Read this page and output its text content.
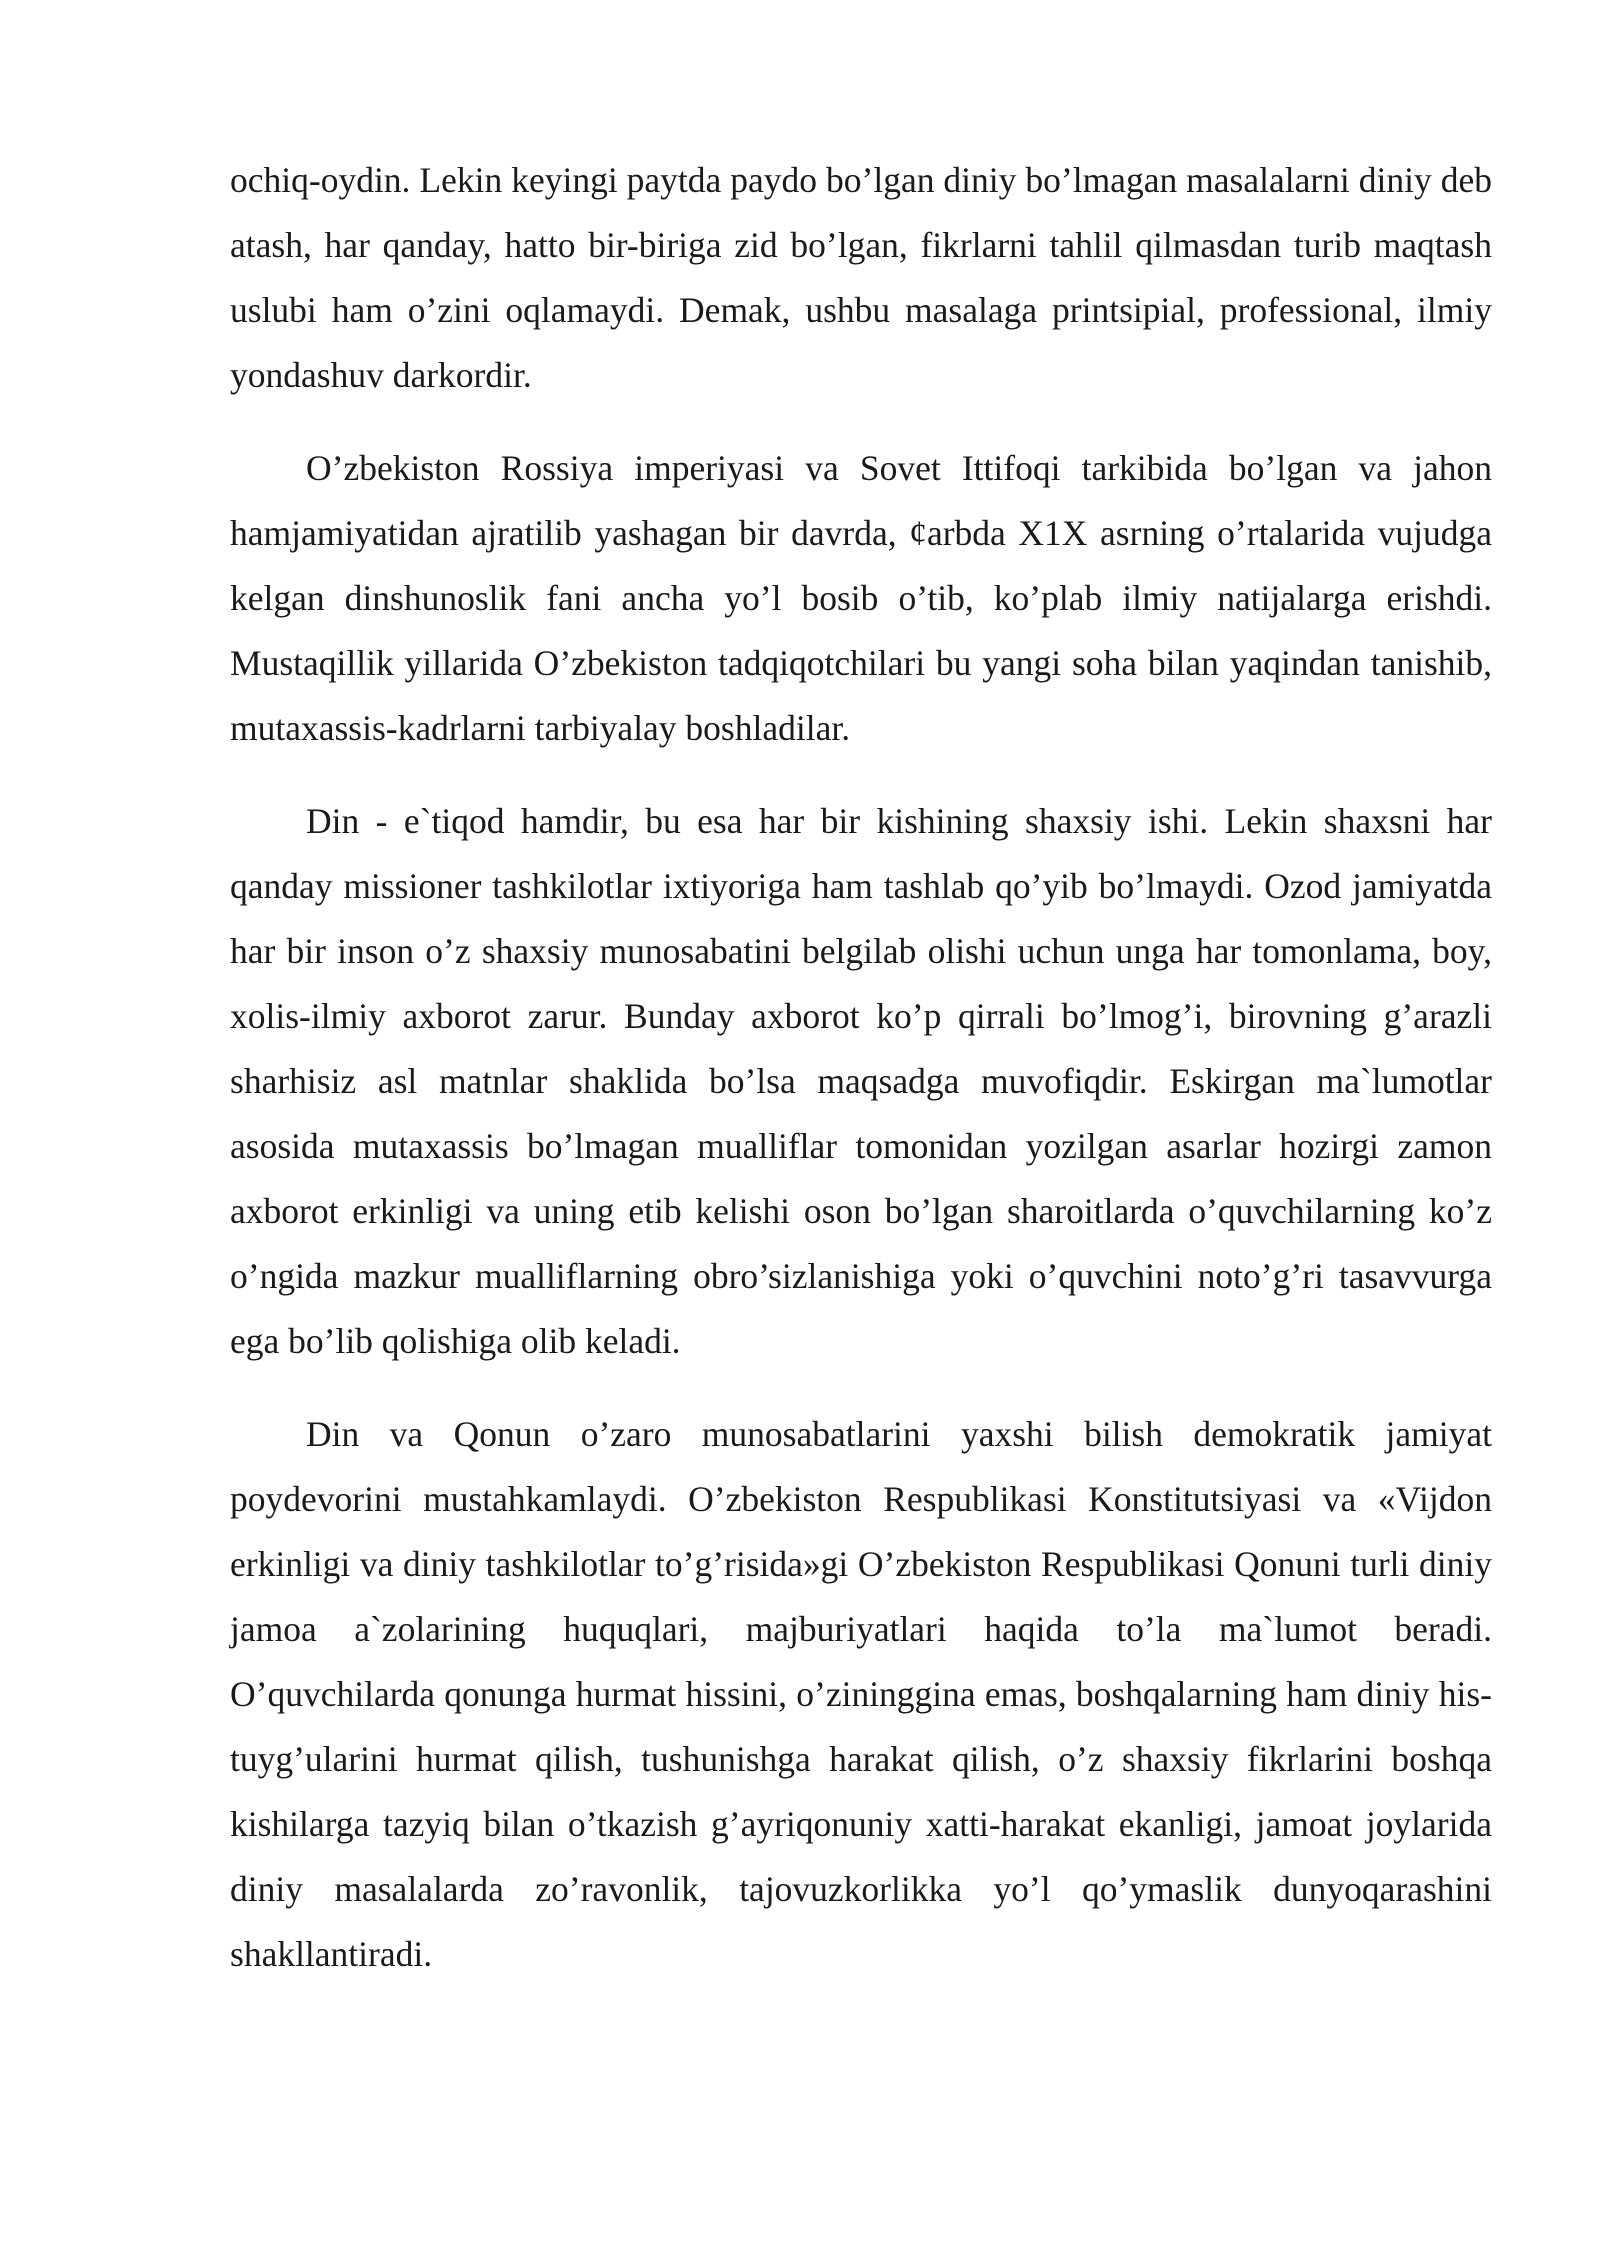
ochiq-oydin. Lekin keyingi paytda paydo bo’lgan diniy bo’lmagan masalalarni diniy deb atash, har qanday, hatto bir-biriga zid bo’lgan, fikrlarni tahlil qilmasdan turib maqtash uslubi ham o’zini oqlamaydi. Demak, ushbu masalaga printsipial, professional, ilmiy yondashuv darkordir.

O’zbekiston Rossiya imperiyasi va Sovet Ittifoqi tarkibida bo’lgan va jahon hamjamiyatidan ajratilib yashagan bir davrda, ¢arbda X1X asrning o’rtalarida vujudga kelgan dinshunoslik fani ancha yo’l bosib o’tib, ko’plab ilmiy natijalarga erishdi. Mustaqillik yillarida O’zbekiston tadqiqotchilari bu yangi soha bilan yaqindan tanishib, mutaxassis-kadrlarni tarbiyalay boshladilar.

Din - e`tiqod hamdir, bu esa har bir kishining shaxsiy ishi. Lekin shaxsni har qanday missioner tashkilotlar ixtiyoriga ham tashlab qo’yib bo’lmaydi. Ozod jamiyatda har bir inson o’z shaxsiy munosabatini belgilab olishi uchun unga har tomonlama, boy, xolis-ilmiy axborot zarur. Bunday axborot ko’p qirrali bo’lmog’i, birovning g’arazli sharhisiz asl matnlar shaklida bo’lsa maqsadga muvofiqdir. Eskirgan ma`lumotlar asosida mutaxassis bo’lmagan mualliflar tomonidan yozilgan asarlar hozirgi zamon axborot erkinligi va uning etib kelishi oson bo’lgan sharoitlarda o’quvchilarning ko’z o’ngida mazkur mualliflarning obro’sizlanishiga yoki o’quvchini noto’g’ri tasavvurga ega bo’lib qolishiga olib keladi.

Din va Qonun o’zaro munosabatlarini yaxshi bilish demokratik jamiyat poydevorini mustahkamlaydi. O’zbekiston Respublikasi Konstitutsiyasi va «Vijdon erkinligi va diniy tashkilotlar to’g’risida»gi O’zbekiston Respublikasi Qonuni turli diniy jamoa a`zolarining huquqlari, majburiyatlari haqida to’la ma`lumot beradi. O’quvchilarda qonunga hurmat hissini, o’ziningginа emas, boshqalarning ham diniy his-tuyg’ularini hurmat qilish, tushunishga harakat qilish, o’z shaxsiy fikrlarini boshqa kishilarga tazyiq bilan o’tkazish g’ayriqonuniy xatti-harakat ekanligi, jamoat joylarida diniy masalalarda zo’ravonlik, tajovuzkorlikka yo’l qo’ymaslik dunyoqarashini shakllantiradi.
